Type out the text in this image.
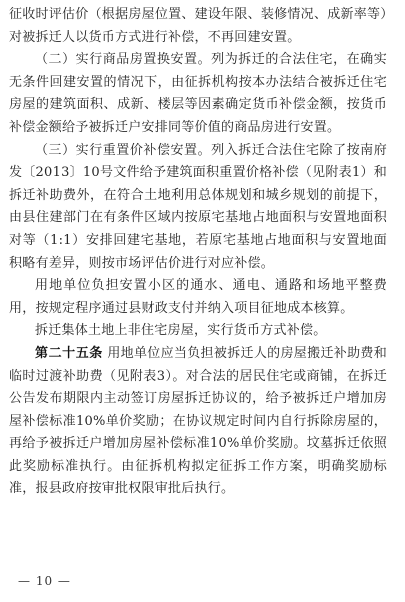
征收时评估价（根据房屋位置、建设年限、装修情况、成新率等）对被拆迁人以货币方式进行补偿，不再回建安置。

（二）实行商品房置换安置。列为拆迁的合法住宅，在确实无条件回建安置的情况下，由征拆机构按本办法结合被拆迁住宅房屋的建筑面积、成新、楼层等因素确定货币补偿金额，按货币补偿金额给予被拆迁户安排同等价值的商品房进行安置。

（三）实行重置价补偿安置。列入拆迁合法住宅除了按南府发〔2013〕10号文件给予建筑面积重置价格补偿（见附表1）和拆迁补助费外，在符合土地利用总体规划和城乡规划的前提下，由县住建部门在有条件区域内按原宅基地占地面积与安置地面积对等（1:1）安排回建宅基地，若原宅基地占地面积与安置地面积略有差异，则按市场评估价进行对应补偿。

用地单位负担安置小区的通水、通电、通路和场地平整费用，按规定程序通过县财政支付并纳入项目征地成本核算。

拆迁集体土地上非住宅房屋，实行货币方式补偿。

第二十五条 用地单位应当负担被拆迁人的房屋搬迁补助费和临时过渡补助费（见附表3）。对合法的居民住宅或商铺，在拆迁公告发布期限内主动签订房屋拆迁协议的，给予被拆迁户增加房屋补偿标准10%单价奖励；在协议规定时间内自行拆除房屋的，再给予被拆迁户增加房屋补偿标准10%单价奖励。坟墓拆迁依照此奖励标准执行。由征拆机构拟定征拆工作方案，明确奖励标准，报县政府按审批权限审批后执行。

— 10 —
